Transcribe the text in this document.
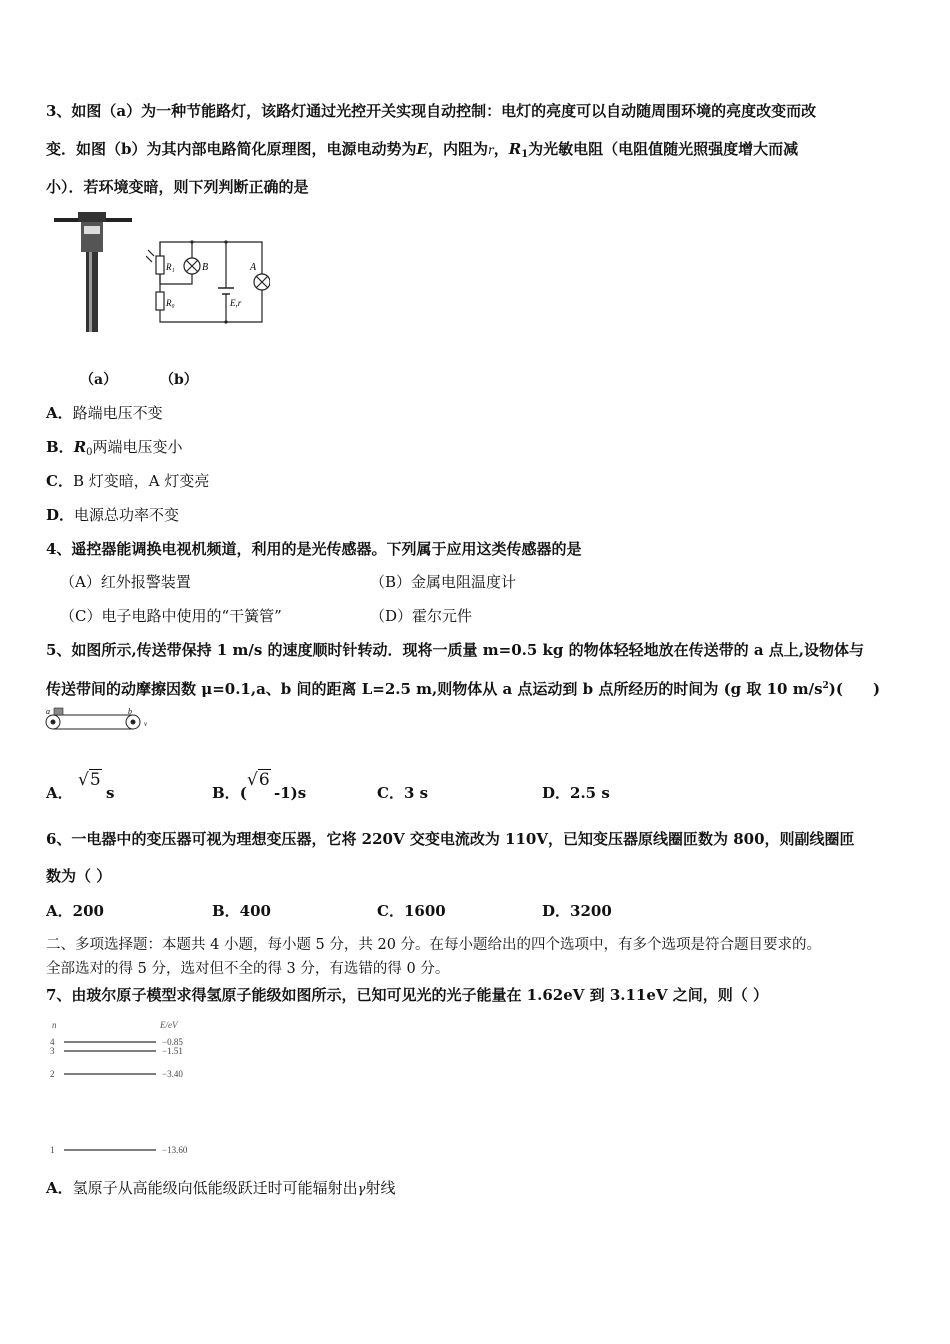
3、如图（a）为一种节能路灯，该路灯通过光控开关实现自动控制：电灯的亮度可以自动随周围环境的亮度改变而改
变．如图（b）为其内部电路简化原理图，电源电动势为E，内阻为r，$R_1$为光敏电阻（电阻值随光照强度增大而减
小）．若环境变暗，则下列判断正确的是
R₁	B
R₀	E,r
A
（a）	（b）
A．路端电压不变
B．$R_0$两端电压变小
C．B 灯变暗，A 灯变亮
D．电源总功率不变
4、遥控器能调换电视机频道，利用的是光传感器。下列属于应用这类传感器的是
（A）红外报警装置	（B）金属电阻温度计
（C）电子电路中使用的“干簧管”	（D）霍尔元件
5、如图所示,传送带保持 1 m/s 的速度顺时针转动．现将一质量 m=0.5 kg 的物体轻轻地放在传送带的 a 点上,设物体与
传送带间的动摩擦因数 μ=0.1,a、b 间的距离 L=2.5 m,则物体从 a 点运动到 b 点所经历的时间为 (g 取 10 $m/s^2$)(　　)
a	b
v
A．
√5
s	B．(
√6
-1)s	C．3 s	D．2.5 s
6、一电器中的变压器可视为理想变压器，它将 220V 交变电流改为 110V，已知变压器原线圈匝数为 800，则副线圈匝
数为（ ）
A．200	B．400	C．1600	D．3200
二、多项选择题：本题共 4 小题，每小题 5 分，共 20 分。在每小题给出的四个选项中，有多个选项是符合题目要求的。
全部选对的得 5 分，选对但不全的得 3 分，有选错的得 0 分。
7、由玻尔原子模型求得氢原子能级如图所示，已知可见光的光子能量在 1.62eV 到 3.11eV 之间，则（ ）
n	E/eV
4	−0.85
3	−1.51
2	−3.40
1	−13.60
A．氢原子从高能级向低能级跃迁时可能辐射出γ射线
